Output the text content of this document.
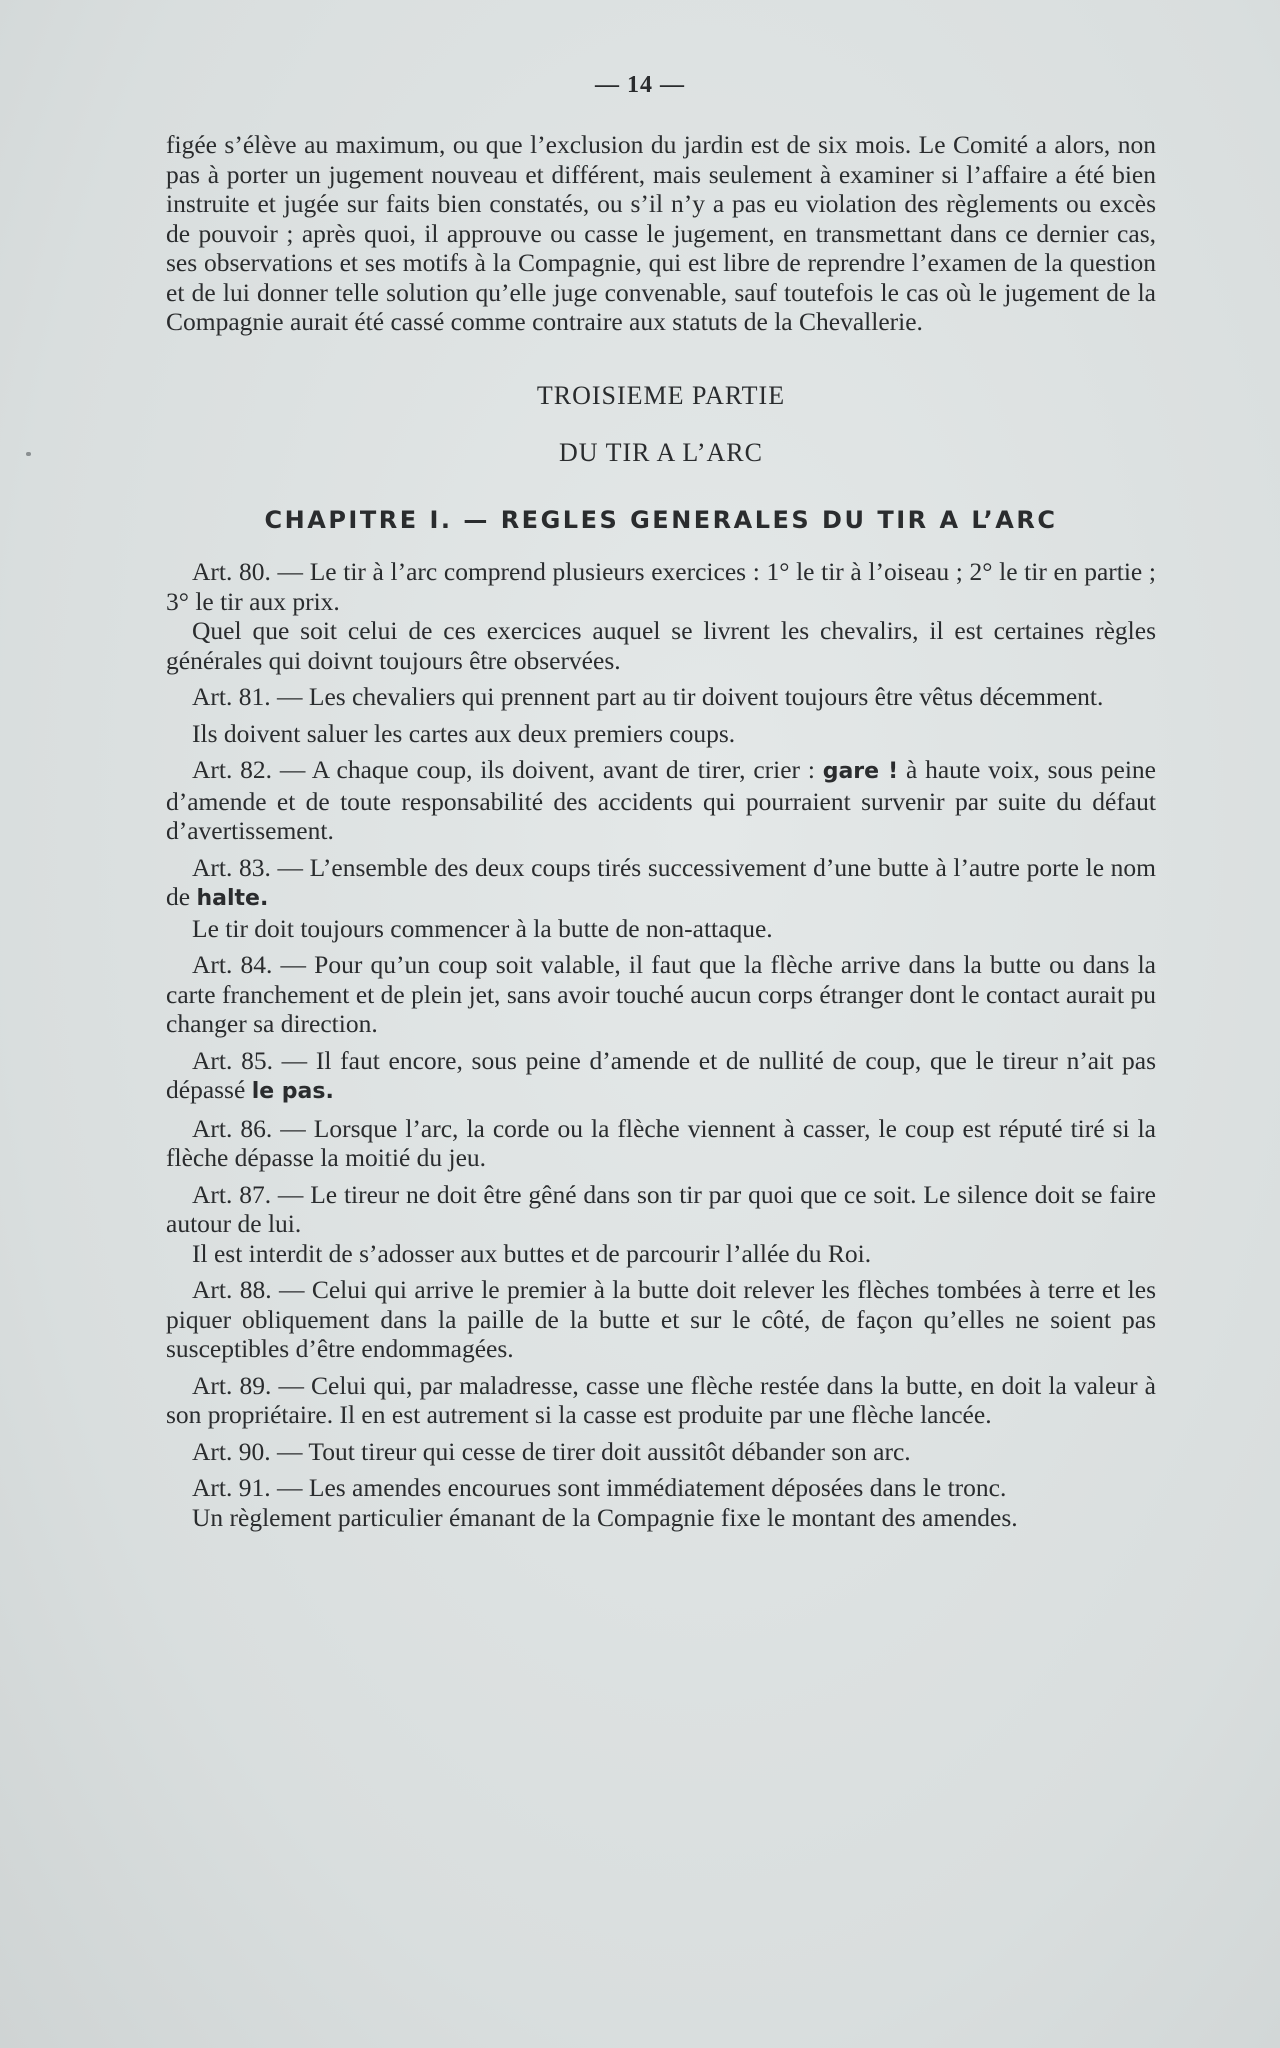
— 14 —

figée s’élève au maximum, ou que l’exclusion du jardin est de six mois. Le Comité a alors, non pas à porter un jugement nouveau et différent, mais seulement à examiner si l’affaire a été bien instruite et jugée sur faits bien constatés, ou s’il n’y a pas eu violation des règlements ou excès de pouvoir ; après quoi, il approuve ou casse le jugement, en transmettant dans ce dernier cas, ses observations et ses motifs à la Compagnie, qui est libre de reprendre l’examen de la question et de lui donner telle solution qu’elle juge convenable, sauf toutefois le cas où le jugement de la Compagnie aurait été cassé comme contraire aux statuts de la Chevallerie.

TROISIEME PARTIE
DU TIR A L’ARC
CHAPITRE I. — REGLES GENERALES DU TIR A L’ARC

Art. 80. — Le tir à l’arc comprend plusieurs exercices : 1° le tir à l’oiseau ; 2° le tir en partie ; 3° le tir aux prix.

Quel que soit celui de ces exercices auquel se livrent les chevalirs, il est certaines règles générales qui doivnt toujours être observées.

Art. 81. — Les chevaliers qui prennent part au tir doivent toujours être vêtus décemment.

Ils doivent saluer les cartes aux deux premiers coups.

Art. 82. — A chaque coup, ils doivent, avant de tirer, crier : gare ! à haute voix, sous peine d’amende et de toute responsabilité des accidents qui pourraient survenir par suite du défaut d’avertissement.

Art. 83. — L’ensemble des deux coups tirés successivement d’une butte à l’autre porte le nom de halte.

Le tir doit toujours commencer à la butte de non-attaque.

Art. 84. — Pour qu’un coup soit valable, il faut que la flèche arrive dans la butte ou dans la carte franchement et de plein jet, sans avoir touché aucun corps étranger dont le contact aurait pu changer sa direction.

Art. 85. — Il faut encore, sous peine d’amende et de nullité de coup, que le tireur n’ait pas dépassé le pas.

Art. 86. — Lorsque l’arc, la corde ou la flèche viennent à casser, le coup est réputé tiré si la flèche dépasse la moitié du jeu.

Art. 87. — Le tireur ne doit être gêné dans son tir par quoi que ce soit. Le silence doit se faire autour de lui.

Il est interdit de s’adosser aux buttes et de parcourir l’allée du Roi.

Art. 88. — Celui qui arrive le premier à la butte doit relever les flèches tombées à terre et les piquer obliquement dans la paille de la butte et sur le côté, de façon qu’elles ne soient pas susceptibles d’être endommagées.

Art. 89. — Celui qui, par maladresse, casse une flèche restée dans la butte, en doit la valeur à son propriétaire. Il en est autrement si la casse est produite par une flèche lancée.

Art. 90. — Tout tireur qui cesse de tirer doit aussitôt débander son arc.

Art. 91. — Les amendes encourues sont immédiatement déposées dans le tronc.

Un règlement particulier émanant de la Compagnie fixe le montant des amendes.
